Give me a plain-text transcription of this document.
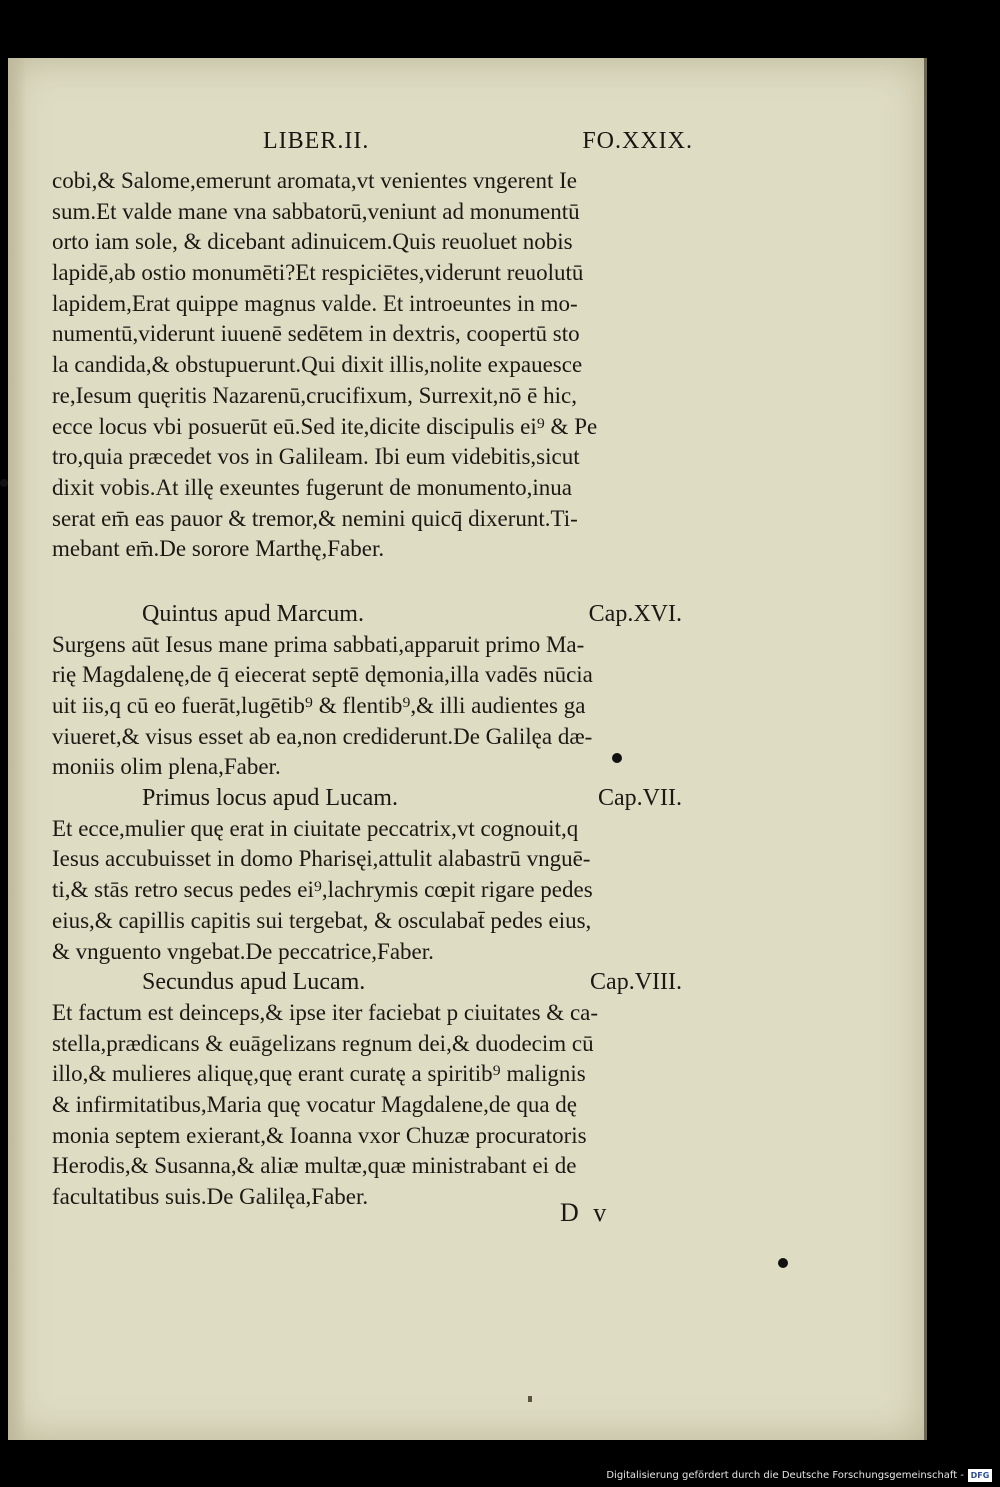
LIBER.II.	FO.XXIX.
cobi,& Salome,emerunt aromata,vt venientes vngerent Ie
sum.Et valde mane vna sabbatorū,veniunt ad monumentū
orto iam sole, & dicebant adinuicem.Quis reuoluet nobis
lapidē,ab ostio monumēti?Et respiciētes,viderunt reuolutū
lapidem,Erat quippe magnus valde. Et introeuntes in mo-
numentū,viderunt iuuenē sedētem in dextris, coopertū sto
la candida,& obstupuerunt.Qui dixit illis,nolite expauesce
re,Iesum quęritis Nazarenū,crucifixum, Surrexit,nō ē hic,
ecce locus vbi posuerūt eū.Sed ite,dicite discipulis ei⁹ & Pe
tro,quia præcedet vos in Galileam. Ibi eum videbitis,sicut
dixit vobis.At illę exeuntes fugerunt de monumento,inua
serat em̄ eas pauor & tremor,& nemini quicq̄ dixerunt.Ti-
mebant em̄.De sorore Marthę,Faber.
Quintus apud Marcum.	Cap.XVI.
Surgens aūt Iesus mane prima sabbati,apparuit primo Ma-
rię Magdalenę,de q̄ eiecerat septē dęmonia,illa vadēs nūcia
uit iis,q cū eo fuerāt,lugētib⁹ & flentib⁹,& illi audientes ga
viueret,& visus esset ab ea,non crediderunt.De Galilęa dæ-
moniis olim plena,Faber.
Primus locus apud Lucam.	Cap.VII.
Et ecce,mulier quę erat in ciuitate peccatrix,vt cognouit,q
Iesus accubuisset in domo Pharisęi,attulit alabastrū vnguē-
ti,& stās retro secus pedes ei⁹,lachrymis cœpit rigare pedes
eius,& capillis capitis sui tergebat, & osculabat̄ pedes eius,
& vnguento vngebat.De peccatrice,Faber.
Secundus apud Lucam.	Cap.VIII.
Et factum est deinceps,& ipse iter faciebat p ciuitates & ca-
stella,prædicans & euāgelizans regnum dei,& duodecim cū
illo,& mulieres aliquę,quę erant curatę a spiritib⁹ malignis
& infirmitatibus,Maria quę vocatur Magdalene,de qua dę
monia septem exierant,& Ioanna vxor Chuzæ procuratoris
Herodis,& Susanna,& aliæ multæ,quæ ministrabant ei de
facultatibus suis.De Galilęa,Faber.
D v
Digitalisierung gefördert durch die Deutsche Forschungsgemeinschaft - DFG
